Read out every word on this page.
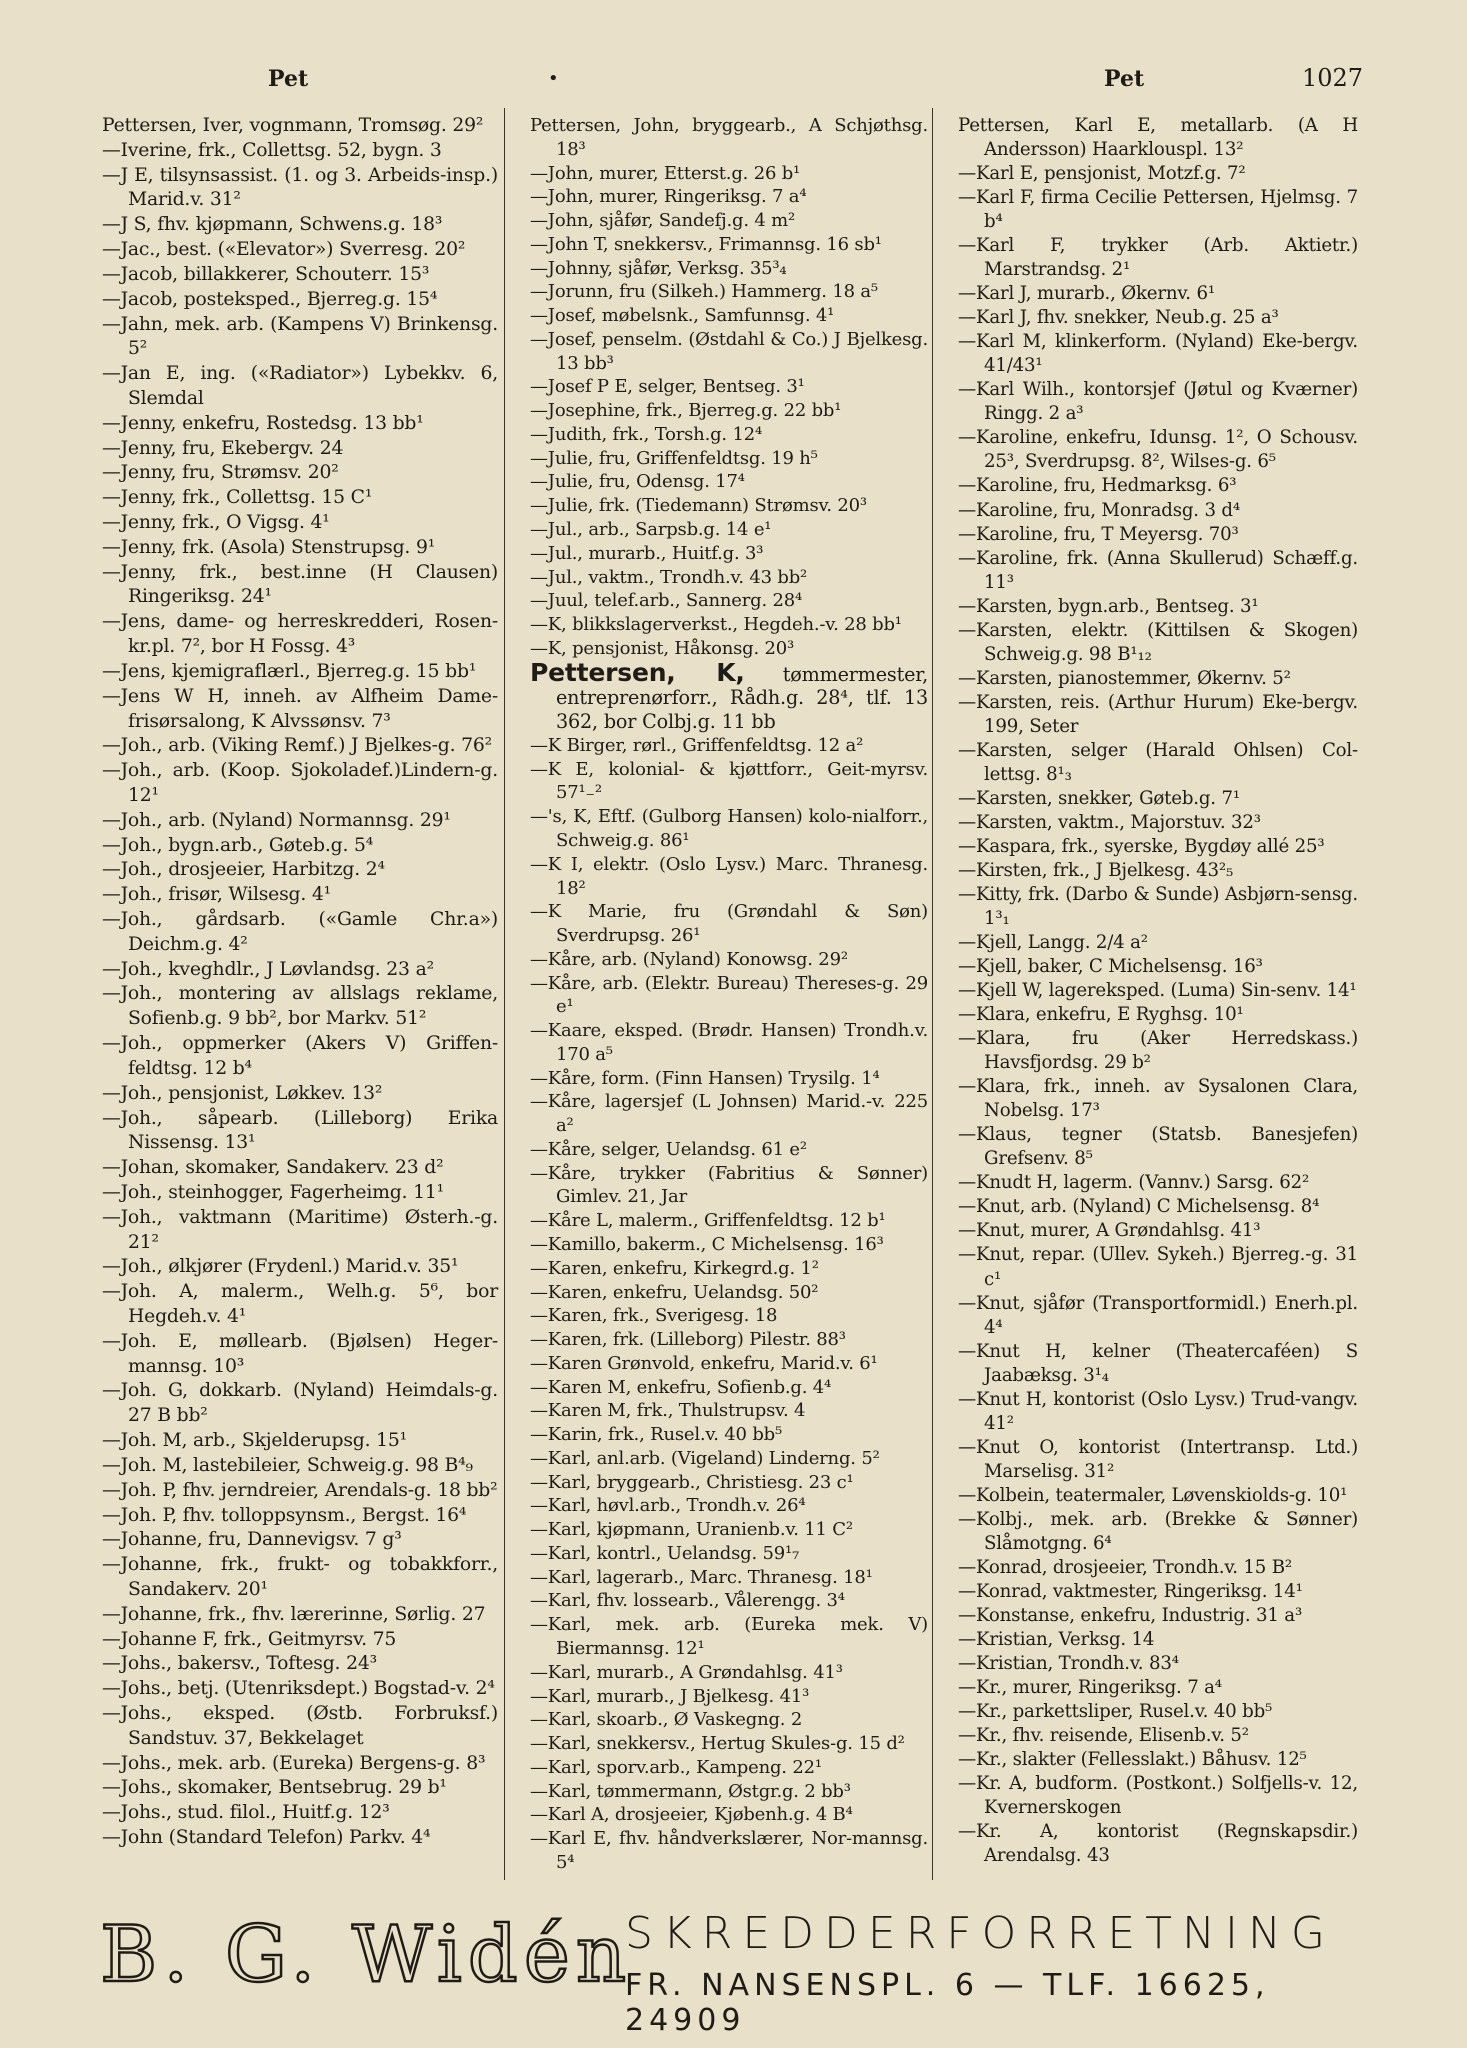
Pet	•	Pet	1027

Pettersen, Iver, vognmann, Tromsøg. 29²

—Iverine, frk., Collettsg. 52, bygn. 3

—J E, tilsynsassist. (1. og 3. Arbeids-insp.) Marid.v. 31²

—J S, fhv. kjøpmann, Schwens.g. 18³

—Jac., best. («Elevator») Sverresg. 20²

—Jacob, billakkerer, Schouterr. 15³

—Jacob, posteksped., Bjerreg.g. 15⁴

—Jahn, mek. arb. (Kampens V) Brinkensg. 5²

—Jan E, ing. («Radiator») Lybekkv. 6, Slemdal

—Jenny, enkefru, Rostedsg. 13 bb¹

—Jenny, fru, Ekebergv. 24

—Jenny, fru, Strømsv. 20²

—Jenny, frk., Collettsg. 15 C¹

—Jenny, frk., O Vigsg. 4¹

—Jenny, frk. (Asola) Stenstrupsg. 9¹

—Jenny, frk., best.inne (H Clausen) Ringeriksg. 24¹

—Jens, dame- og herreskredderi, Rosen-kr.pl. 7², bor H Fossg. 4³

—Jens, kjemigraflærl., Bjerreg.g. 15 bb¹

—Jens W H, inneh. av Alfheim Dame-frisørsalong, K Alvssønsv. 7³

—Joh., arb. (Viking Remf.) J Bjelkes-g. 76²

—Joh., arb. (Koop. Sjokoladef.)Lindern-g. 12¹

—Joh., arb. (Nyland) Normannsg. 29¹

—Joh., bygn.arb., Gøteb.g. 5⁴

—Joh., drosjeeier, Harbitzg. 2⁴

—Joh., frisør, Wilsesg. 4¹

—Joh., gårdsarb. («Gamle Chr.a») Deichm.g. 4²

—Joh., kveghdlr., J Løvlandsg. 23 a²

—Joh., montering av allslags reklame, Sofienb.g. 9 bb², bor Markv. 51²

—Joh., oppmerker (Akers V) Griffen-feldtsg. 12 b⁴

—Joh., pensjonist, Løkkev. 13²

—Joh., såpearb. (Lilleborg) Erika Nissensg. 13¹

—Johan, skomaker, Sandakerv. 23 d²

—Joh., steinhogger, Fagerheimg. 11¹

—Joh., vaktmann (Maritime) Østerh.-g. 21²

—Joh., ølkjører (Frydenl.) Marid.v. 35¹

—Joh. A, malerm., Welh.g. 5⁶, bor Hegdeh.v. 4¹

—Joh. E, møllearb. (Bjølsen) Heger-mannsg. 10³

—Joh. G, dokkarb. (Nyland) Heimdals-g. 27 B bb²

—Joh. M, arb., Skjelderupsg. 15¹

—Joh. M, lastebileier, Schweig.g. 98 B⁴₉

—Joh. P, fhv. jerndreier, Arendals-g. 18 bb²

—Joh. P, fhv. tolloppsynsm., Bergst. 16⁴

—Johanne, fru, Dannevigsv. 7 g³

—Johanne, frk., frukt- og tobakkforr., Sandakerv. 20¹

—Johanne, frk., fhv. lærerinne, Sørlig. 27

—Johanne F, frk., Geitmyrsv. 75

—Johs., bakersv., Toftesg. 24³

—Johs., betj. (Utenriksdept.) Bogstad-v. 2⁴

—Johs., eksped. (Østb. Forbruksf.) Sandstuv. 37, Bekkelaget

—Johs., mek. arb. (Eureka) Bergens-g. 8³

—Johs., skomaker, Bentsebrug. 29 b¹

—Johs., stud. filol., Huitf.g. 12³

—John (Standard Telefon) Parkv. 4⁴

Pettersen, John, bryggearb., A Schjøthsg. 18³

—John, murer, Etterst.g. 26 b¹

—John, murer, Ringeriksg. 7 a⁴

—John, sjåfør, Sandefj.g. 4 m²

—John T, snekkersv., Frimannsg. 16 sb¹

—Johnny, sjåfør, Verksg. 35³₄

—Jorunn, fru (Silkeh.) Hammerg. 18 a⁵

—Josef, møbelsnk., Samfunnsg. 4¹

—Josef, penselm. (Østdahl & Co.) J Bjelkesg. 13 bb³

—Josef P E, selger, Bentseg. 3¹

—Josephine, frk., Bjerreg.g. 22 bb¹

—Judith, frk., Torsh.g. 12⁴

—Julie, fru, Griffenfeldtsg. 19 h⁵

—Julie, fru, Odensg. 17⁴

—Julie, frk. (Tiedemann) Strømsv. 20³

—Jul., arb., Sarpsb.g. 14 e¹

—Jul., murarb., Huitf.g. 3³

—Jul., vaktm., Trondh.v. 43 bb²

—Juul, telef.arb., Sannerg. 28⁴

—K, blikkslagerverkst., Hegdeh.-v. 28 bb¹

—K, pensjonist, Håkonsg. 20³

Pettersen, K, tømmermester, entreprenørforr., Rådh.g. 28⁴, tlf. 13 362, bor Colbj.g. 11 bb

—K Birger, rørl., Griffenfeldtsg. 12 a²

—K E, kolonial- & kjøttforr., Geit-myrsv. 57¹₋²

—'s, K, Eftf. (Gulborg Hansen) kolo-nialforr., Schweig.g. 86¹

—K I, elektr. (Oslo Lysv.) Marc. Thranesg. 18²

—K Marie, fru (Grøndahl & Søn) Sverdrupsg. 26¹

—Kåre, arb. (Nyland) Konowsg. 29²

—Kåre, arb. (Elektr. Bureau) Thereses-g. 29 e¹

—Kaare, eksped. (Brødr. Hansen) Trondh.v. 170 a⁵

—Kåre, form. (Finn Hansen) Trysilg. 1⁴

—Kåre, lagersjef (L Johnsen) Marid.-v. 225 a²

—Kåre, selger, Uelandsg. 61 e²

—Kåre, trykker (Fabritius & Sønner) Gimlev. 21, Jar

—Kåre L, malerm., Griffenfeldtsg. 12 b¹

—Kamillo, bakerm., C Michelsensg. 16³

—Karen, enkefru, Kirkegrd.g. 1²

—Karen, enkefru, Uelandsg. 50²

—Karen, frk., Sverigesg. 18

—Karen, frk. (Lilleborg) Pilestr. 88³

—Karen Grønvold, enkefru, Marid.v. 6¹

—Karen M, enkefru, Sofienb.g. 4⁴

—Karen M, frk., Thulstrupsv. 4

—Karin, frk., Rusel.v. 40 bb⁵

—Karl, anl.arb. (Vigeland) Linderng. 5²

—Karl, bryggearb., Christiesg. 23 c¹

—Karl, høvl.arb., Trondh.v. 26⁴

—Karl, kjøpmann, Uranienb.v. 11 C²

—Karl, kontrl., Uelandsg. 59¹₇

—Karl, lagerarb., Marc. Thranesg. 18¹

—Karl, fhv. lossearb., Vålerengg. 3⁴

—Karl, mek. arb. (Eureka mek. V) Biermannsg. 12¹

—Karl, murarb., A Grøndahlsg. 41³

—Karl, murarb., J Bjelkesg. 41³

—Karl, skoarb., Ø Vaskegng. 2

—Karl, snekkersv., Hertug Skules-g. 15 d²

—Karl, sporv.arb., Kampeng. 22¹

—Karl, tømmermann, Østgr.g. 2 bb³

—Karl A, drosjeeier, Kjøbenh.g. 4 B⁴

—Karl E, fhv. håndverkslærer, Nor-mannsg. 5⁴

Pettersen, Karl E, metallarb. (A H Andersson) Haarklouspl. 13²

—Karl E, pensjonist, Motzf.g. 7²

—Karl F, firma Cecilie Pettersen, Hjelmsg. 7 b⁴

—Karl F, trykker (Arb. Aktietr.) Marstrandsg. 2¹

—Karl J, murarb., Økernv. 6¹

—Karl J, fhv. snekker, Neub.g. 25 a³

—Karl M, klinkerform. (Nyland) Eke-bergv. 41/43¹

—Karl Wilh., kontorsjef (Jøtul og Kværner) Ringg. 2 a³

—Karoline, enkefru, Idunsg. 1², O Schousv. 25³, Sverdrupsg. 8², Wilses-g. 6⁵

—Karoline, fru, Hedmarksg. 6³

—Karoline, fru, Monradsg. 3 d⁴

—Karoline, fru, T Meyersg. 70³

—Karoline, frk. (Anna Skullerud) Schæff.g. 11³

—Karsten, bygn.arb., Bentseg. 3¹

—Karsten, elektr. (Kittilsen & Skogen) Schweig.g. 98 B¹₁₂

—Karsten, pianostemmer, Økernv. 5²

—Karsten, reis. (Arthur Hurum) Eke-bergv. 199, Seter

—Karsten, selger (Harald Ohlsen) Col-lettsg. 8¹₃

—Karsten, snekker, Gøteb.g. 7¹

—Karsten, vaktm., Majorstuv. 32³

—Kaspara, frk., syerske, Bygdøy allé 25³

—Kirsten, frk., J Bjelkesg. 43²₅

—Kitty, frk. (Darbo & Sunde) Asbjørn-sensg. 1³₁

—Kjell, Langg. 2/4 a²

—Kjell, baker, C Michelsensg. 16³

—Kjell W, lagereksped. (Luma) Sin-senv. 14¹

—Klara, enkefru, E Ryghsg. 10¹

—Klara, fru (Aker Herredskass.) Havsfjordsg. 29 b²

—Klara, frk., inneh. av Sysalonen Clara, Nobelsg. 17³

—Klaus, tegner (Statsb. Banesjefen) Grefsenv. 8⁵

—Knudt H, lagerm. (Vannv.) Sarsg. 62²

—Knut, arb. (Nyland) C Michelsensg. 8⁴

—Knut, murer, A Grøndahlsg. 41³

—Knut, repar. (Ullev. Sykeh.) Bjerreg.-g. 31 c¹

—Knut, sjåfør (Transportformidl.) Enerh.pl. 4⁴

—Knut H, kelner (Theatercaféen) S Jaabæksg. 3¹₄

—Knut H, kontorist (Oslo Lysv.) Trud-vangv. 41²

—Knut O, kontorist (Intertransp. Ltd.) Marselisg. 31²

—Kolbein, teatermaler, Løvenskiolds-g. 10¹

—Kolbj., mek. arb. (Brekke & Sønner) Slåmotgng. 6⁴

—Konrad, drosjeeier, Trondh.v. 15 B²

—Konrad, vaktmester, Ringeriksg. 14¹

—Konstanse, enkefru, Industrig. 31 a³

—Kristian, Verksg. 14

—Kristian, Trondh.v. 83⁴

—Kr., murer, Ringeriksg. 7 a⁴

—Kr., parkettsliper, Rusel.v. 40 bb⁵

—Kr., fhv. reisende, Elisenb.v. 5²

—Kr., slakter (Fellesslakt.) Båhusv. 12⁵

—Kr. A, budform. (Postkont.) Solfjells-v. 12, Kvernerskogen

—Kr. A, kontorist (Regnskapsdir.) Arendalsg. 43

B. G. Widén
SKREDDERFORRETNING
FR. NANSENSPL. 6 — TLF. 16625, 24909
